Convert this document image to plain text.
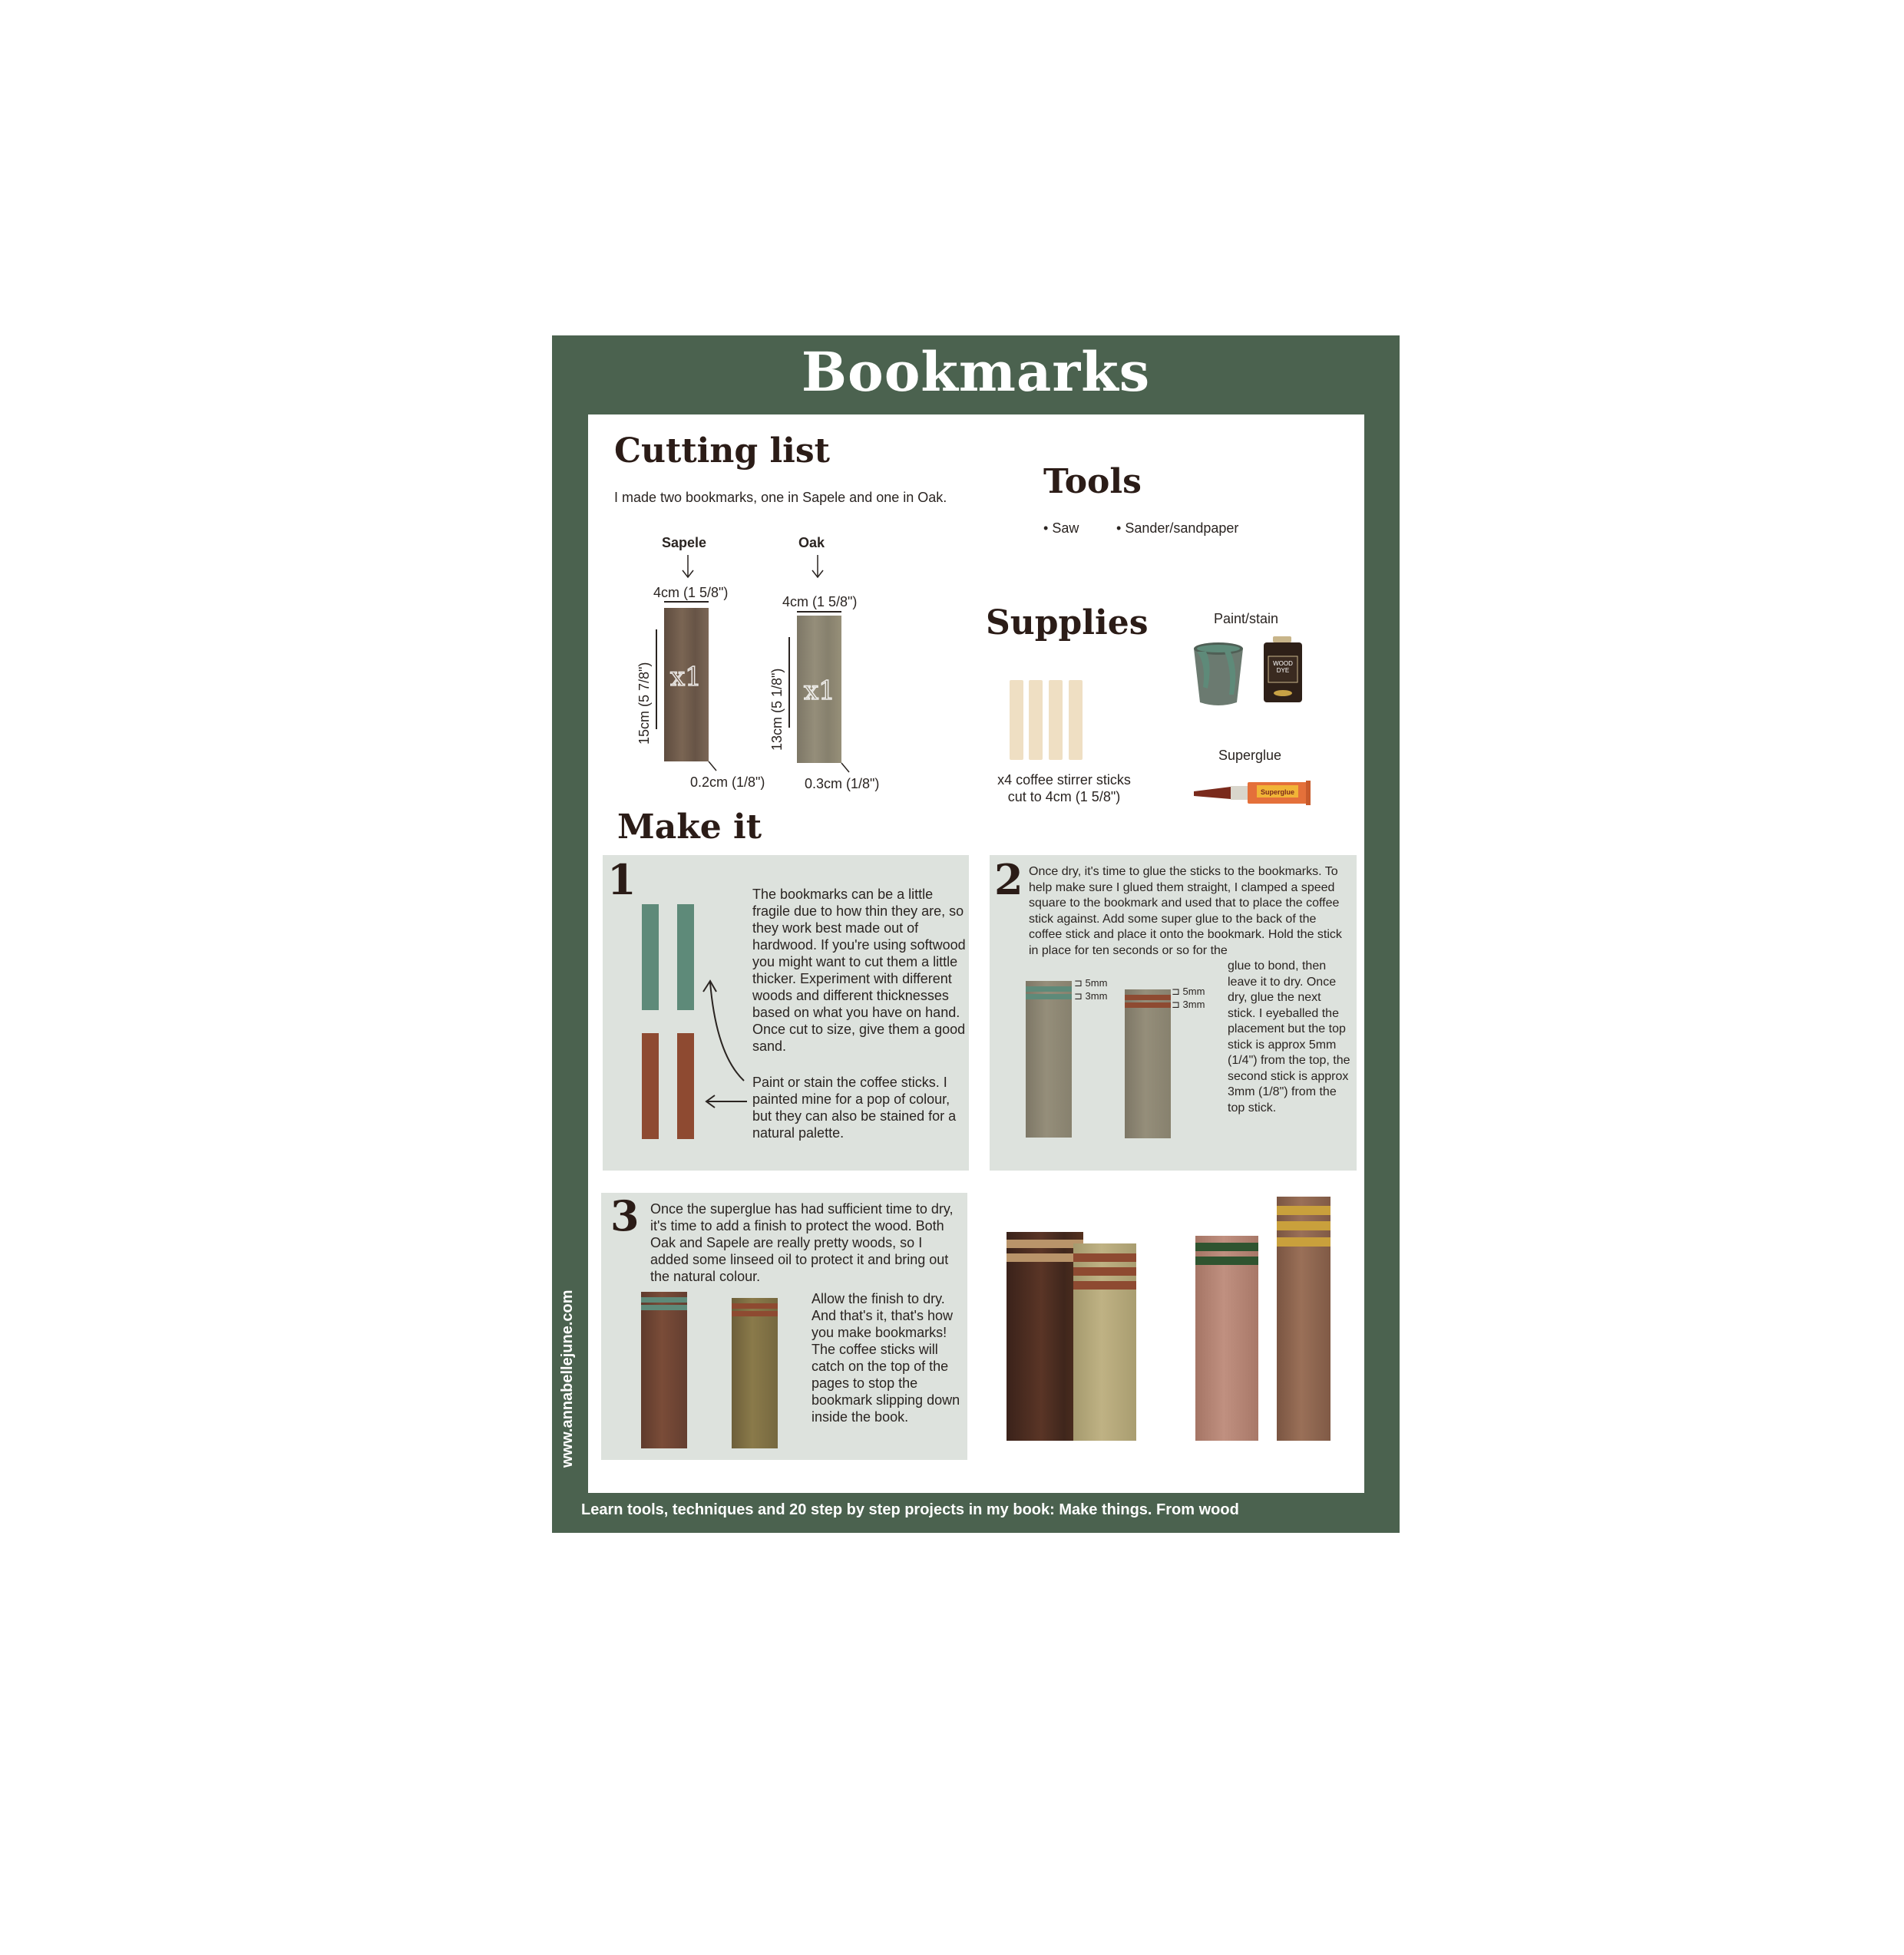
Bookmarks
Cutting list
I made two bookmarks, one in Sapele and one in Oak.
Sapele
4cm (1 5/8")
x1
15cm (5 7/8")
0.2cm (1/8")
Oak
4cm (1 5/8")
x1
13cm (5 1/8")
0.3cm (1/8")
Tools
• Saw	• Sander/sandpaper
Supplies
x4 coffee stirrer sticks
cut to 4cm (1 5/8")
Paint/stain
WOOD DYE
Superglue
Superglue
Make it
1	The bookmarks can be a little fragile due to how thin they are, so they work best made out of hardwood. If you're using softwood you might want to cut them a little thicker. Experiment with different woods and different thicknesses based on what you have on hand. Once cut to size, give them a good sand.
Paint or stain the coffee sticks. I painted mine for a pop of colour, but they can also be stained for a natural palette.
2 Once dry, it's time to glue the sticks to the bookmarks. To help make sure I glued them straight, I clamped a speed square to the bookmark and used that to place the coffee stick against. Add some super glue to the back of the coffee stick and place it onto the bookmark. Hold the stick in place for ten seconds or so for the
glue to bond, then leave it to dry. Once dry, glue the next stick. I eyeballed the placement but the top stick is approx 5mm (1/4") from the top, the second stick is approx 3mm (1/8") from the top stick.
⊐ 5mm
⊐ 3mm	⊐ 5mm
⊐ 3mm
3 Once the superglue has had sufficient time to dry, it's time to add a finish to protect the wood. Both Oak and Sapele are really pretty woods, so I added some linseed oil to protect it and bring out the natural colour.
Allow the finish to dry. And that's it, that's how you make bookmarks! The coffee sticks will catch on the top of the pages to stop the bookmark slipping down inside the book.
www.annabellejune.com
Learn tools, techniques and 20 step by step projects in my book: Make things. From wood
